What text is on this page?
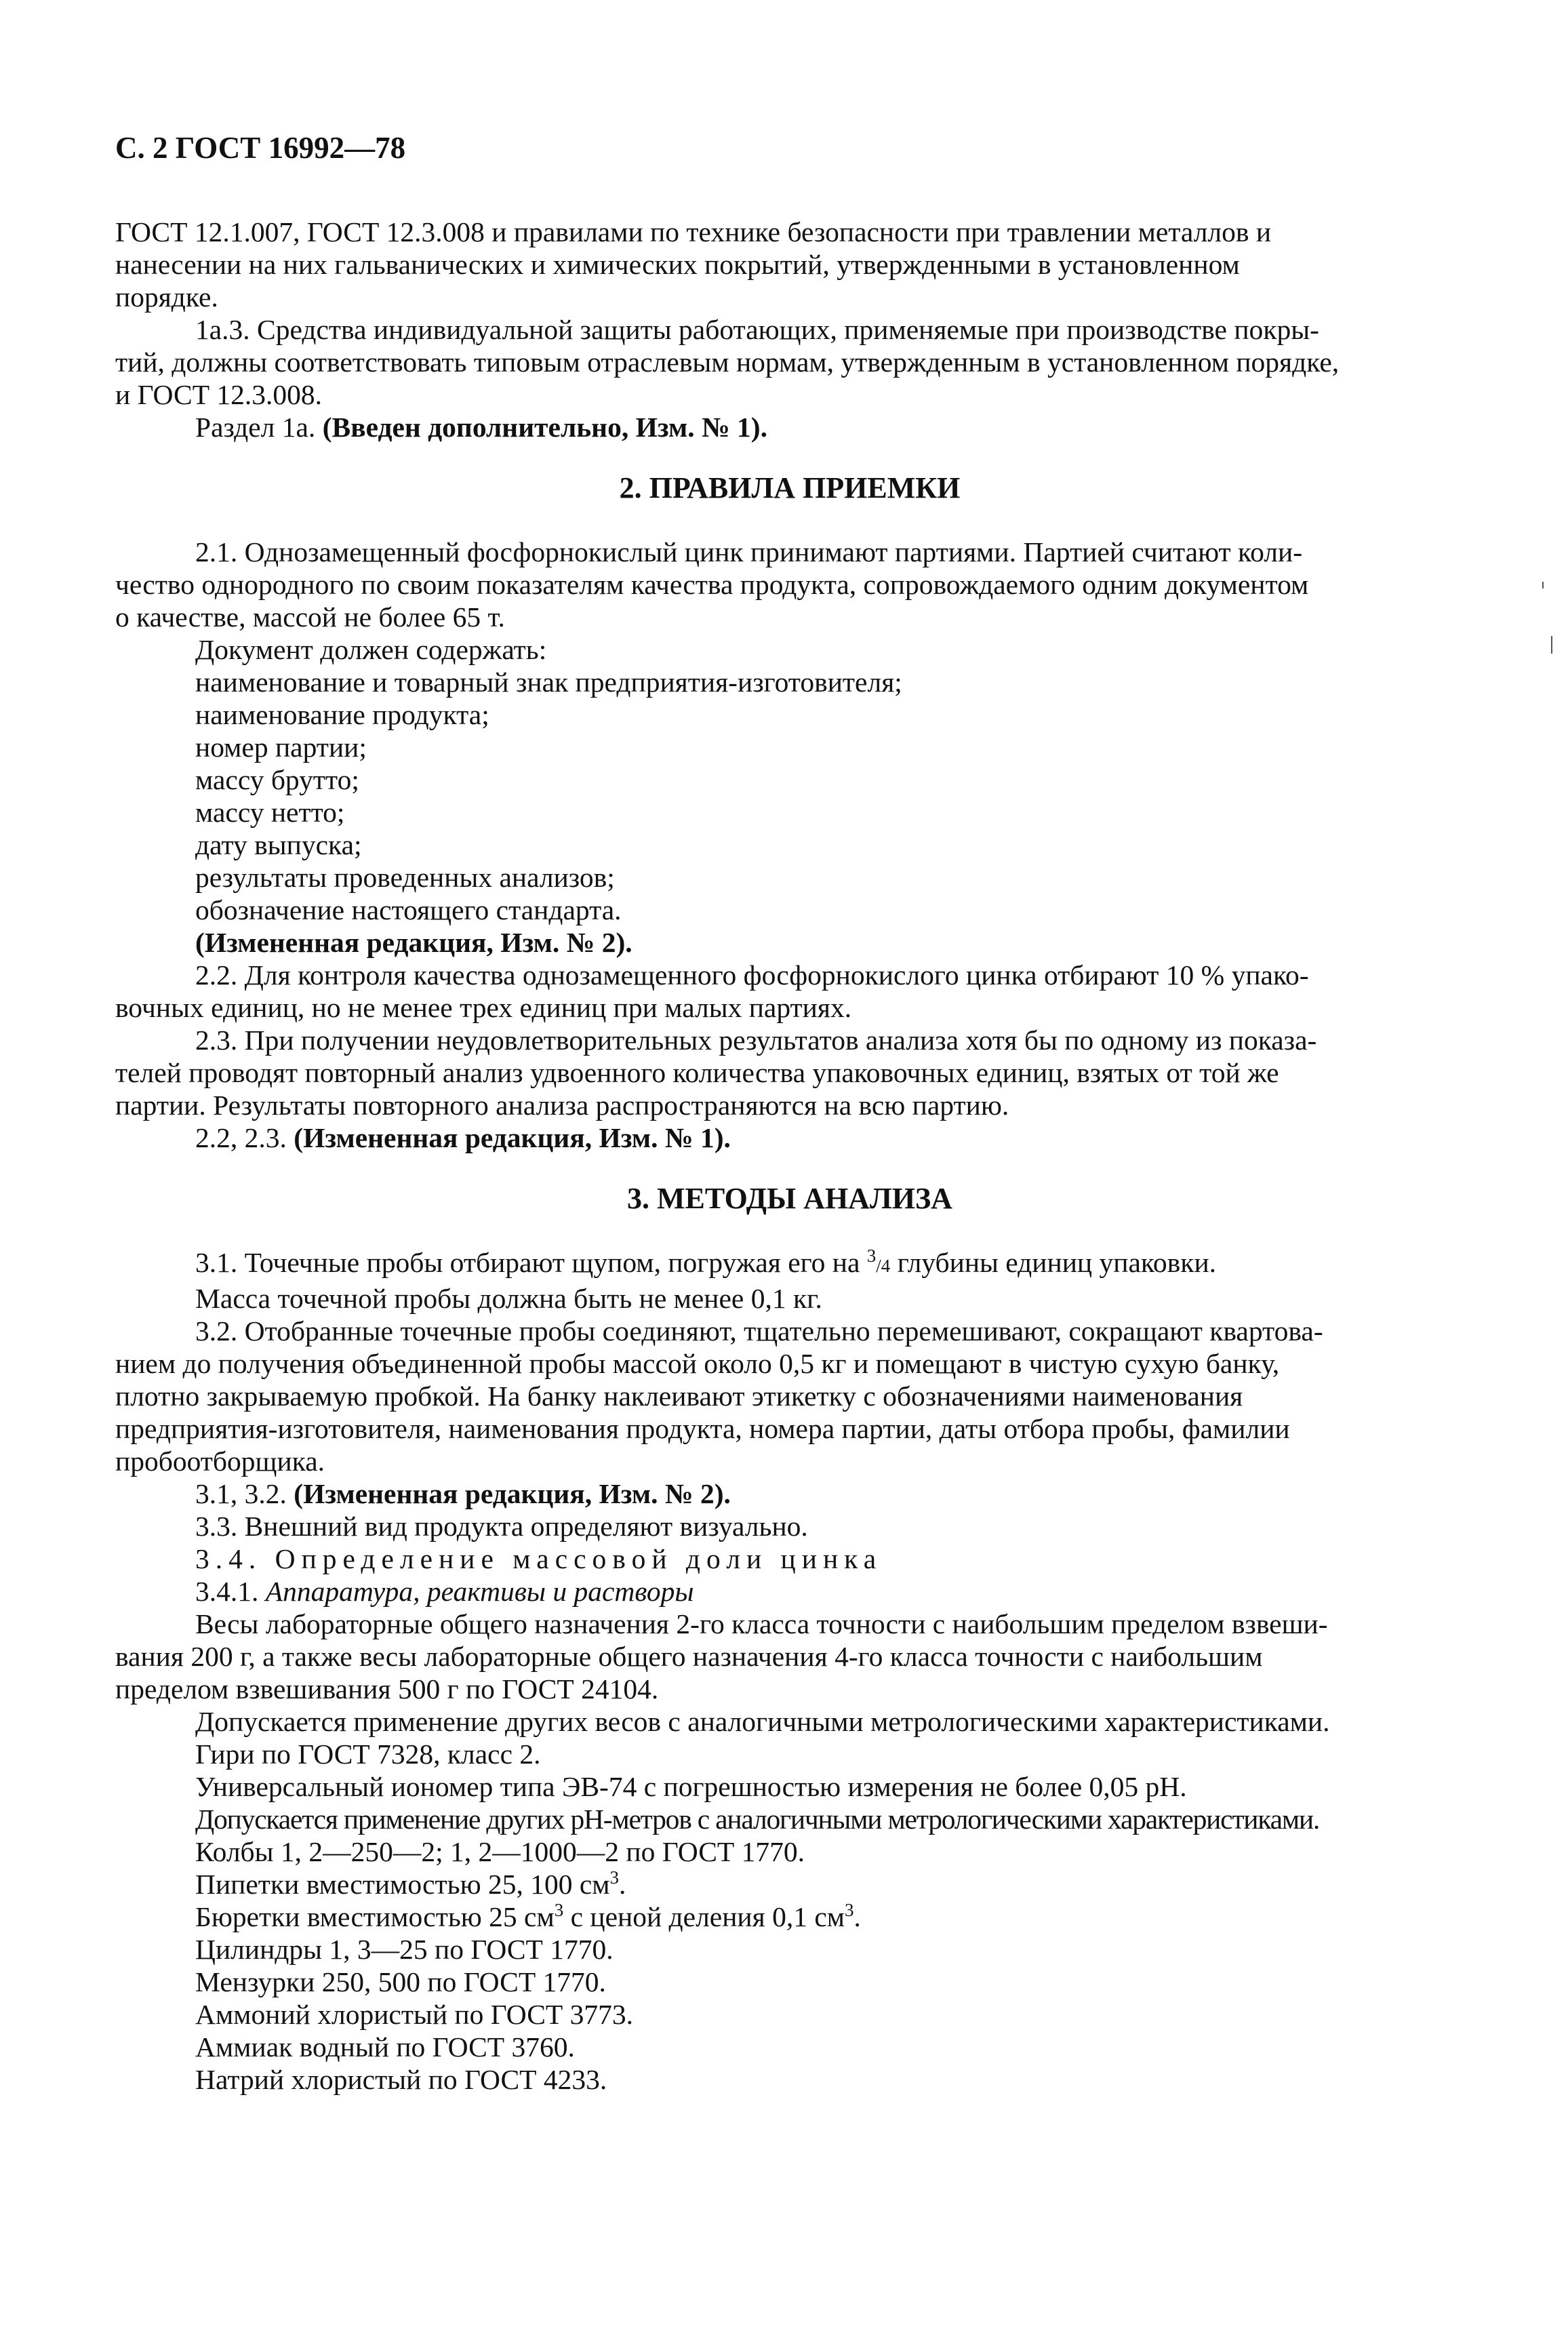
С. 2 ГОСТ 16992—78

ГОСТ 12.1.007, ГОСТ 12.3.008 и правилами по технике безопасности при травлении металлов и

нанесении на них гальванических и химических покрытий, утвержденными в установленном

порядке.

1а.3. Средства индивидуальной защиты работающих, применяемые при производстве покры-

тий, должны соответствовать типовым отраслевым нормам, утвержденным в установленном порядке,

и ГОСТ 12.3.008.

Раздел 1а. (Введен дополнительно, Изм. № 1).

2. ПРАВИЛА ПРИЕМКИ

2.1. Однозамещенный фосфорнокислый цинк принимают партиями. Партией считают коли-

чество однородного по своим показателям качества продукта, сопровождаемого одним документом

о качестве, массой не более 65 т.

Документ должен содержать:

наименование и товарный знак предприятия-изготовителя;

наименование продукта;

номер партии;

массу брутто;

массу нетто;

дату выпуска;

результаты проведенных анализов;

обозначение настоящего стандарта.

(Измененная редакция, Изм. № 2).

2.2. Для контроля качества однозамещенного фосфорнокислого цинка отбирают 10 % упако-

вочных единиц, но не менее трех единиц при малых партиях.

2.3. При получении неудовлетворительных результатов анализа хотя бы по одному из показа-

телей проводят повторный анализ удвоенного количества упаковочных единиц, взятых от той же

партии. Результаты повторного анализа распространяются на всю партию.

2.2, 2.3. (Измененная редакция, Изм. № 1).

3. МЕТОДЫ АНАЛИЗА

3.1. Точечные пробы отбирают щупом, погружая его на $^3$/4 глубины единиц упаковки.

Масса точечной пробы должна быть не менее 0,1 кг.

3.2. Отобранные точечные пробы соединяют, тщательно перемешивают, сокращают квартова-

нием до получения объединенной пробы массой около 0,5 кг и помещают в чистую сухую банку,

плотно закрываемую пробкой. На банку наклеивают этикетку с обозначениями наименования

предприятия-изготовителя, наименования продукта, номера партии, даты отбора пробы, фамилии

пробоотборщика.

3.1, 3.2. (Измененная редакция, Изм. № 2).

3.3. Внешний вид продукта определяют визуально.

3.4. Определение массовой доли цинка

3.4.1. Аппаратура, реактивы и растворы

Весы лабораторные общего назначения 2-го класса точности с наибольшим пределом взвеши-

вания 200 г, а также весы лабораторные общего назначения 4-го класса точности с наибольшим

пределом взвешивания 500 г по ГОСТ 24104.

Допускается применение других весов с аналогичными метрологическими характеристиками.

Гири по ГОСТ 7328, класс 2.

Универсальный иономер типа ЭВ-74 с погрешностью измерения не более 0,05 pH.

Допускается применение других pH-метров с аналогичными метрологическими характеристиками.

Колбы 1, 2—250—2; 1, 2—1000—2 по ГОСТ 1770.

Пипетки вместимостью 25, 100 $см^3$.

Бюретки вместимостью 25 $см^3$ с ценой деления 0,1 $см^3$.

Цилиндры 1, 3—25 по ГОСТ 1770.

Мензурки 250, 500 по ГОСТ 1770.

Аммоний хлористый по ГОСТ 3773.

Аммиак водный по ГОСТ 3760.

Натрий хлористый по ГОСТ 4233.
